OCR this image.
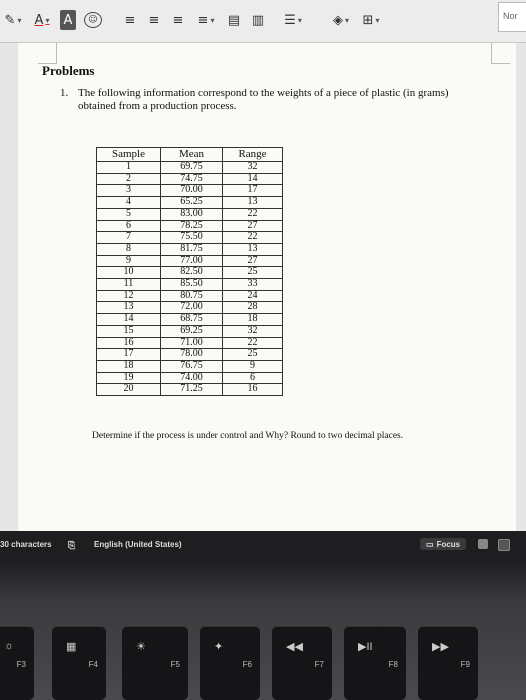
✎ ▾	A ▾ A	☺	≡ ≡ ≡ ≡ ▾ ▤ ▥	☰ ▾	◈ ▾	⊞ ▾	Nor
Problems
1. The following information correspond to the weights of a piece of plastic (in grams) obtained from a production process.
Sample	Mean	Range
1	69.75	32
2	74.75	14
3	70.00	17
4	65.25	13
5	83.00	22
6	78.25	27
7	75.50	22
8	81.75	13
9	77.00	27
10	82.50	25
11	85.50	33
12	80.75	24
13	72.00	28
14	68.75	18
15	69.25	32
16	71.00	22
17	78.00	25
18	76.75	9
19	74.00	6
20	71.25	16
Determine if the process is under control and Why? Round to two decimal places.
30 characters ⎘ English (United States)	▭ Focus
☼
F3
▦
F4
☀
F5
✦
F6
◀◀
F7
▶II
F8
▶▶
F9
